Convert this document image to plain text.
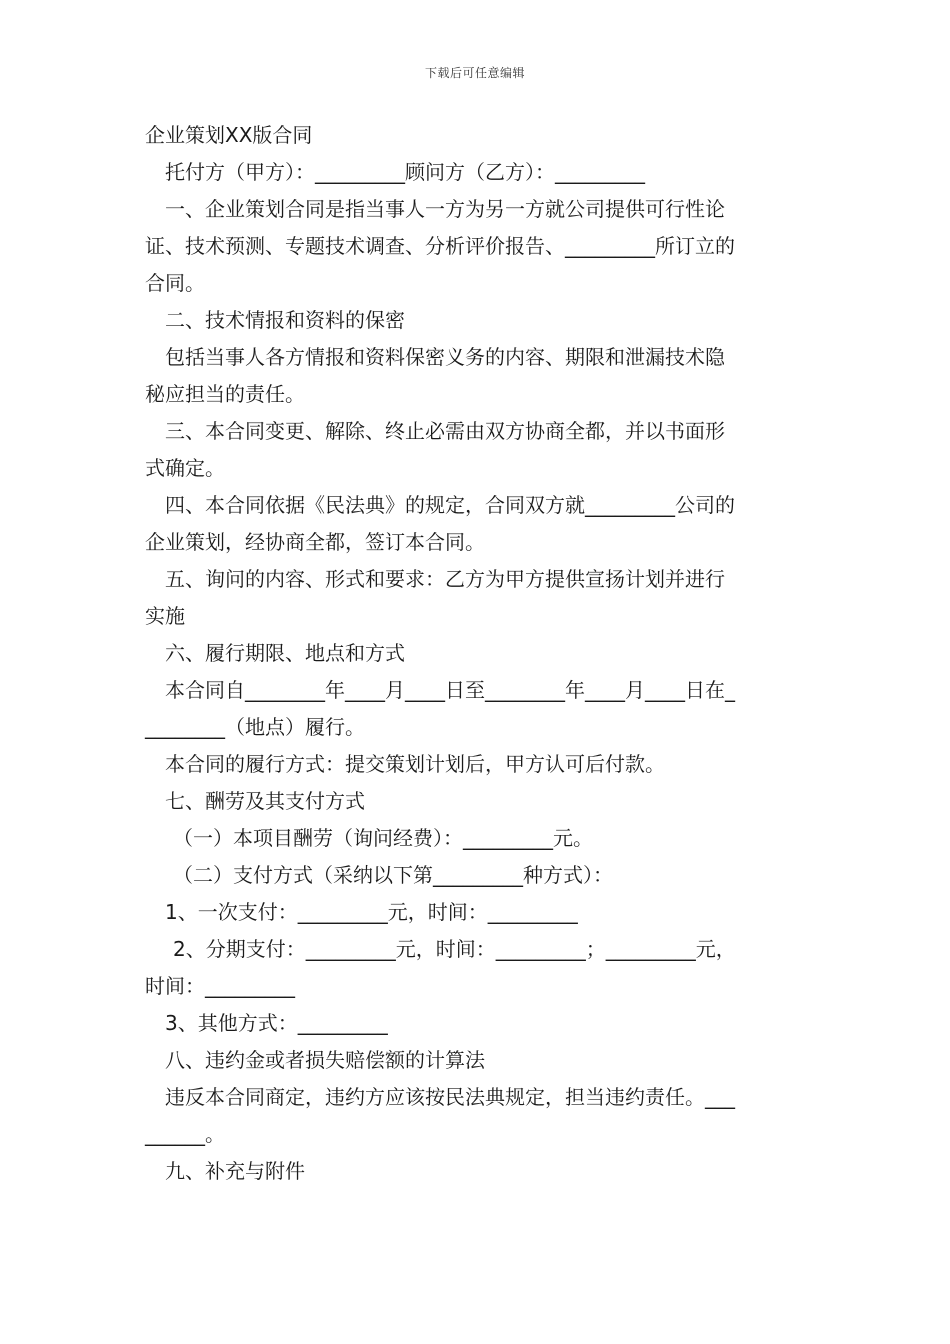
下载后可任意编辑
企业策划XX版合同
托付方（甲方）：_________顾问方（乙方）：_________
一、企业策划合同是指当事人一方为另一方就公司提供可行性论
证、技术预测、专题技术调查、分析评价报告、_________所订立的
合同。
二、技术情报和资料的保密
包括当事人各方情报和资料保密义务的内容、期限和泄漏技术隐
秘应担当的责任。
三、本合同变更、解除、终止必需由双方协商全都，并以书面形
式确定。
四、本合同依据《民法典》的规定，合同双方就_________公司的
企业策划，经协商全都，签订本合同。
五、询问的内容、形式和要求：乙方为甲方提供宣扬计划并进行
实施
六、履行期限、地点和方式
本合同自________年____月____日至________年____月____日在_
________（地点）履行。
本合同的履行方式：提交策划计划后，甲方认可后付款。
七、酬劳及其支付方式
（一）本项目酬劳（询问经费）：_________元。
（二）支付方式（采纳以下第_________种方式）：
1、一次支付：_________元，时间：_________
2、分期支付：_________元，时间：_________；_________元，
时间：_________
3、其他方式：_________
八、违约金或者损失赔偿额的计算法
违反本合同商定，违约方应该按民法典规定，担当违约责任。___
______。
九、补充与附件
